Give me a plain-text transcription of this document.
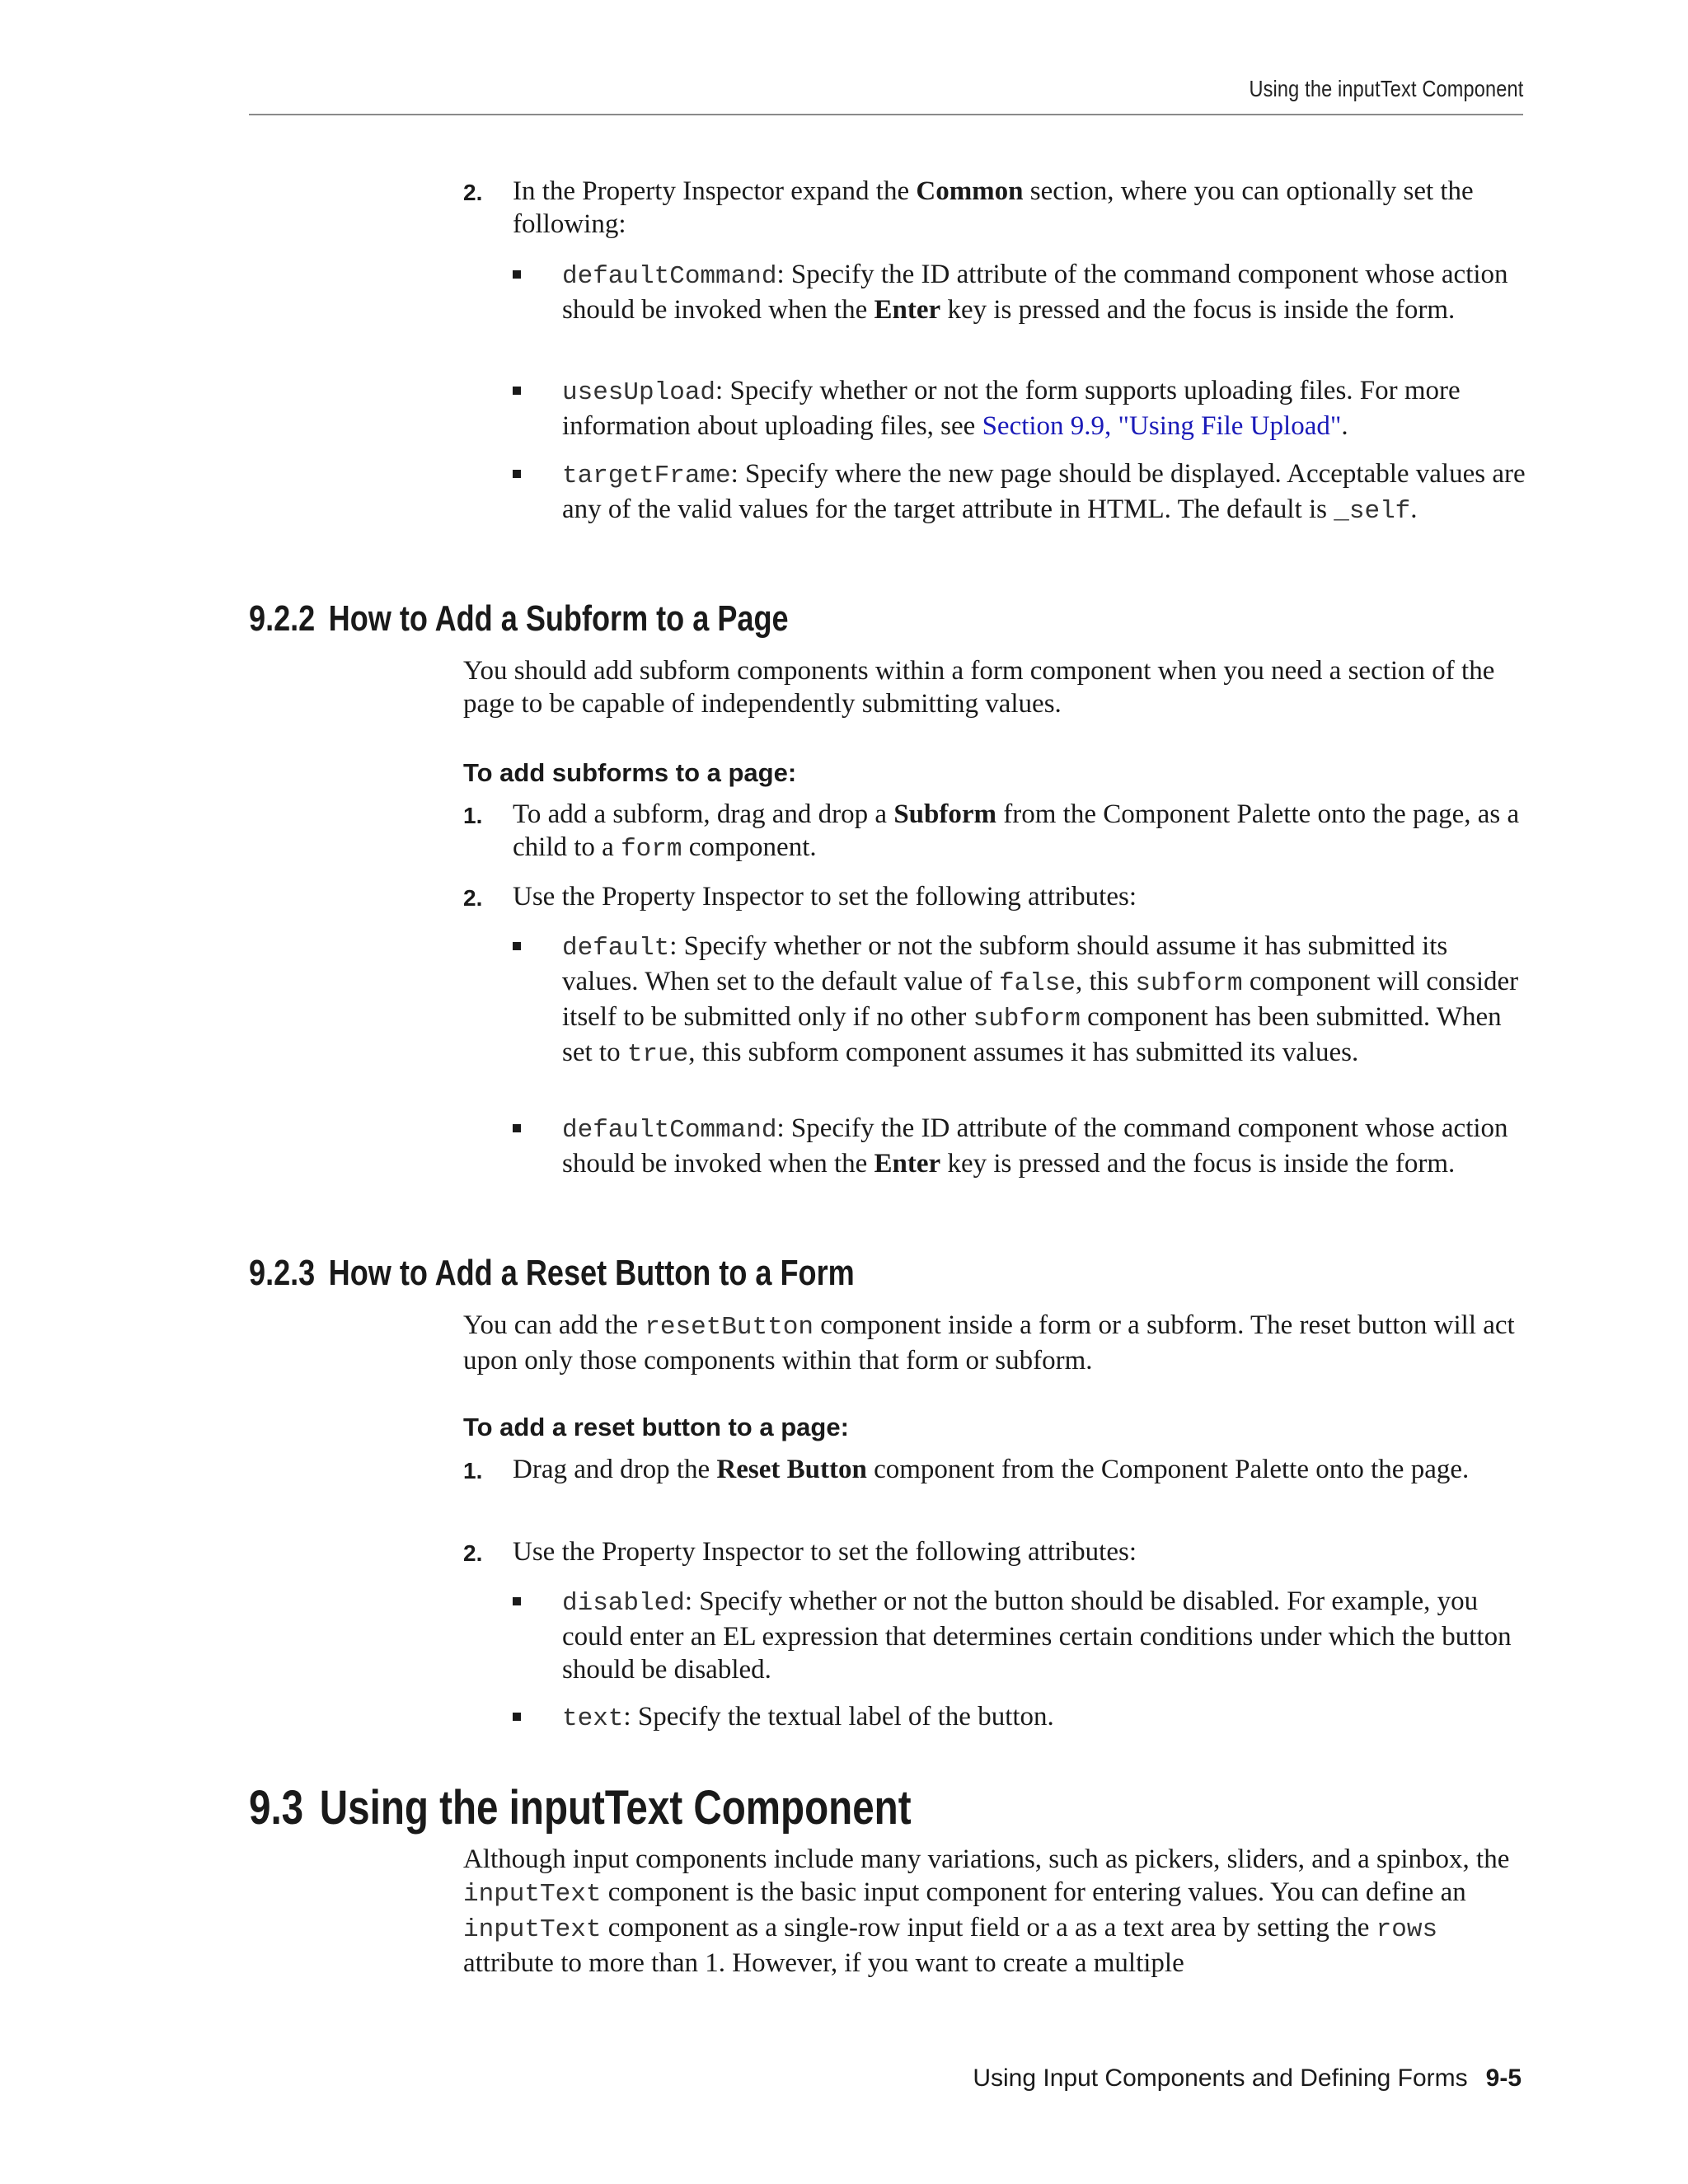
Using the inputText Component
2. In the Property Inspector expand the Common section, where you can optionally set the following:
defaultCommand: Specify the ID attribute of the command component whose action should be invoked when the Enter key is pressed and the focus is inside the form.
usesUpload: Specify whether or not the form supports uploading files. For more information about uploading files, see Section 9.9, "Using File Upload".
targetFrame: Specify where the new page should be displayed. Acceptable values are any of the valid values for the target attribute in HTML. The default is _self.
9.2.2 How to Add a Subform to a Page
You should add subform components within a form component when you need a section of the page to be capable of independently submitting values.
To add subforms to a page:
1. To add a subform, drag and drop a Subform from the Component Palette onto the page, as a child to a form component.
2. Use the Property Inspector to set the following attributes:
default: Specify whether or not the subform should assume it has submitted its values. When set to the default value of false, this subform component will consider itself to be submitted only if no other subform component has been submitted. When set to true, this subform component assumes it has submitted its values.
defaultCommand: Specify the ID attribute of the command component whose action should be invoked when the Enter key is pressed and the focus is inside the form.
9.2.3 How to Add a Reset Button to a Form
You can add the resetButton component inside a form or a subform. The reset button will act upon only those components within that form or subform.
To add a reset button to a page:
1. Drag and drop the Reset Button component from the Component Palette onto the page.
2. Use the Property Inspector to set the following attributes:
disabled: Specify whether or not the button should be disabled. For example, you could enter an EL expression that determines certain conditions under which the button should be disabled.
text: Specify the textual label of the button.
9.3 Using the inputText Component
Although input components include many variations, such as pickers, sliders, and a spinbox, the inputText component is the basic input component for entering values. You can define an inputText component as a single-row input field or a as a text area by setting the rows attribute to more than 1. However, if you want to create a multiple
Using Input Components and Defining Forms 9-5
